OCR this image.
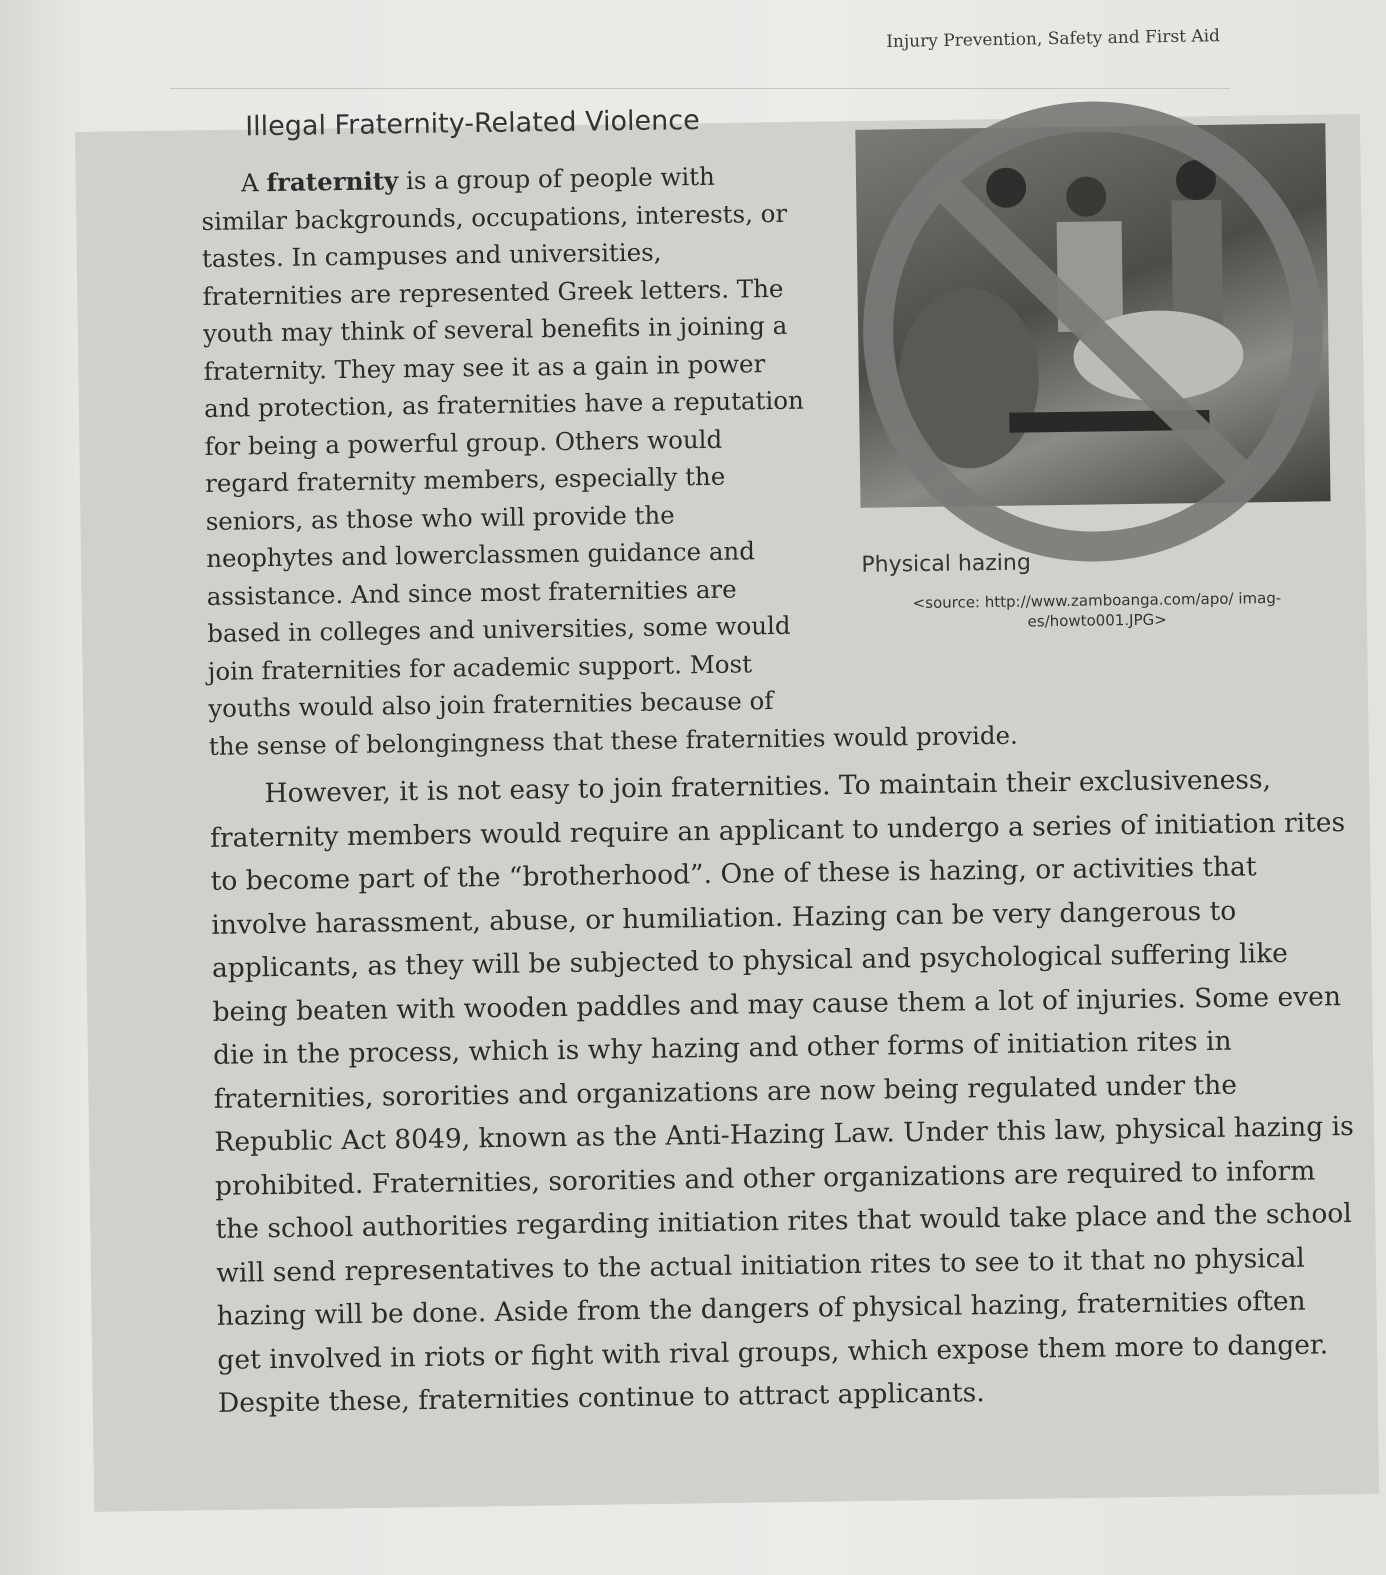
Injury Prevention, Safety and First Aid
Illegal Fraternity-Related Violence

Physical hazing
<source: http://www.zamboanga.com/apo/ imag-es/howto001.JPG>
A fraternity is a group of people with similar backgrounds, occupations, interests, or tastes. In campuses and universities, fraternities are represented Greek letters. The youth may think of several benefits in joining a fraternity. They may see it as a gain in power and protection, as fraternities have a reputation for being a powerful group. Others would regard fraternity members, especially the seniors, as those who will provide the neophytes and lowerclassmen guidance and assistance. And since most fraternities are based in colleges and universities, some would join fraternities for academic support. Most youths would also join fraternities because of the sense of belongingness that these fraternities would provide.

However, it is not easy to join fraternities. To maintain their exclusiveness, fraternity members would require an applicant to undergo a series of initiation rites to become part of the “brotherhood”. One of these is hazing, or activities that involve harassment, abuse, or humiliation. Hazing can be very dangerous to applicants, as they will be subjected to physical and psychological suffering like being beaten with wooden paddles and may cause them a lot of injuries. Some even die in the process, which is why hazing and other forms of initiation rites in fraternities, sororities and organizations are now being regulated under the Republic Act 8049, known as the Anti-Hazing Law. Under this law, physical hazing is prohibited. Fraternities, sororities and other organizations are required to inform the school authorities regarding initiation rites that would take place and the school will send representatives to the actual initiation rites to see to it that no physical hazing will be done. Aside from the dangers of physical hazing, fraternities often get involved in riots or fight with rival groups, which expose them more to danger. Despite these, fraternities continue to attract applicants.
